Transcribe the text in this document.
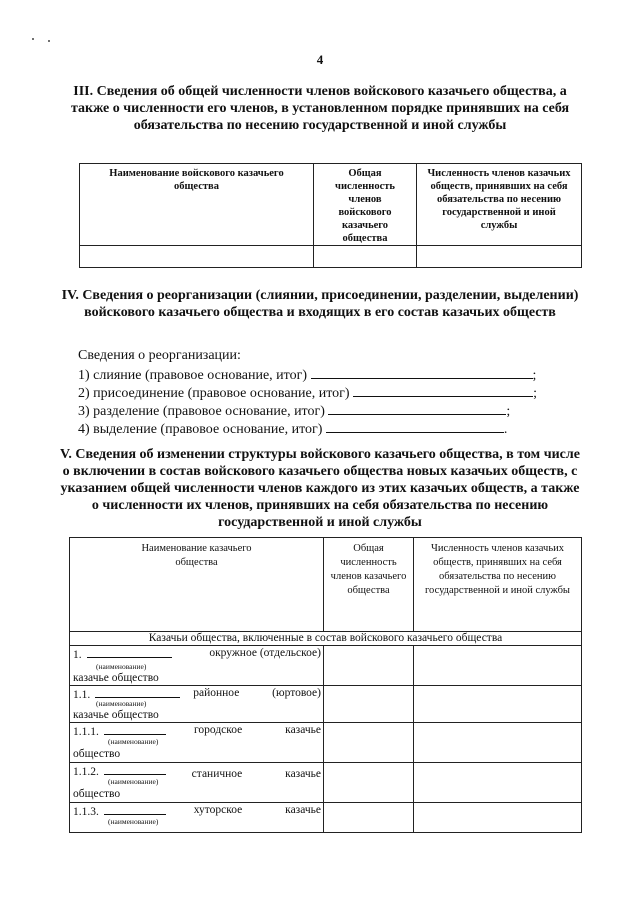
4
III. Сведения об общей численности членов войскового казачьего общества, а также о численности его членов, в установленном порядке принявших на себя обязательства по несению государственной и иной службы
Наименование войскового казачьего общества	Общая численность членов войскового казачьего общества	Численность членов казачьих обществ, принявших на себя обязательства по несению государственной и иной службы

IV. Сведения о реорганизации (слиянии, присоединении, разделении, выделении) войскового казачьего общества и входящих в его состав казачьих обществ
Сведения о реорганизации:
1) слияние (правовое основание, итог)	;
2) присоединение (правовое основание, итог)	;
3) разделение (правовое основание, итог)	;
4) выделение (правовое основание, итог)	.
V. Сведения об изменении структуры войскового казачьего общества, в том числе о включении в состав войскового казачьего общества новых казачьих обществ, с указанием общей численности членов каждого из этих казачьих обществ, а также о численности их членов, принявших на себя обязательства по несению государственной и иной службы
Наименование казачьего общества	Общая численность членов казачьего общества	Численность членов казачьих обществ, принявших на себя обязательства по несению государственной и иной службы
Казачьи общества, включенные в состав войскового казачьего общества		

1. окружное (отдельское)
(наименование)
казачье общество		

1.1. районное (юртовое)
(наименование)
казачье общество		

1.1.1. городское казачье
(наименование)
общество		

1.1.2. станичное казачье
(наименование)
общество		

1.1.3. хуторское казачье
(наименование)		
